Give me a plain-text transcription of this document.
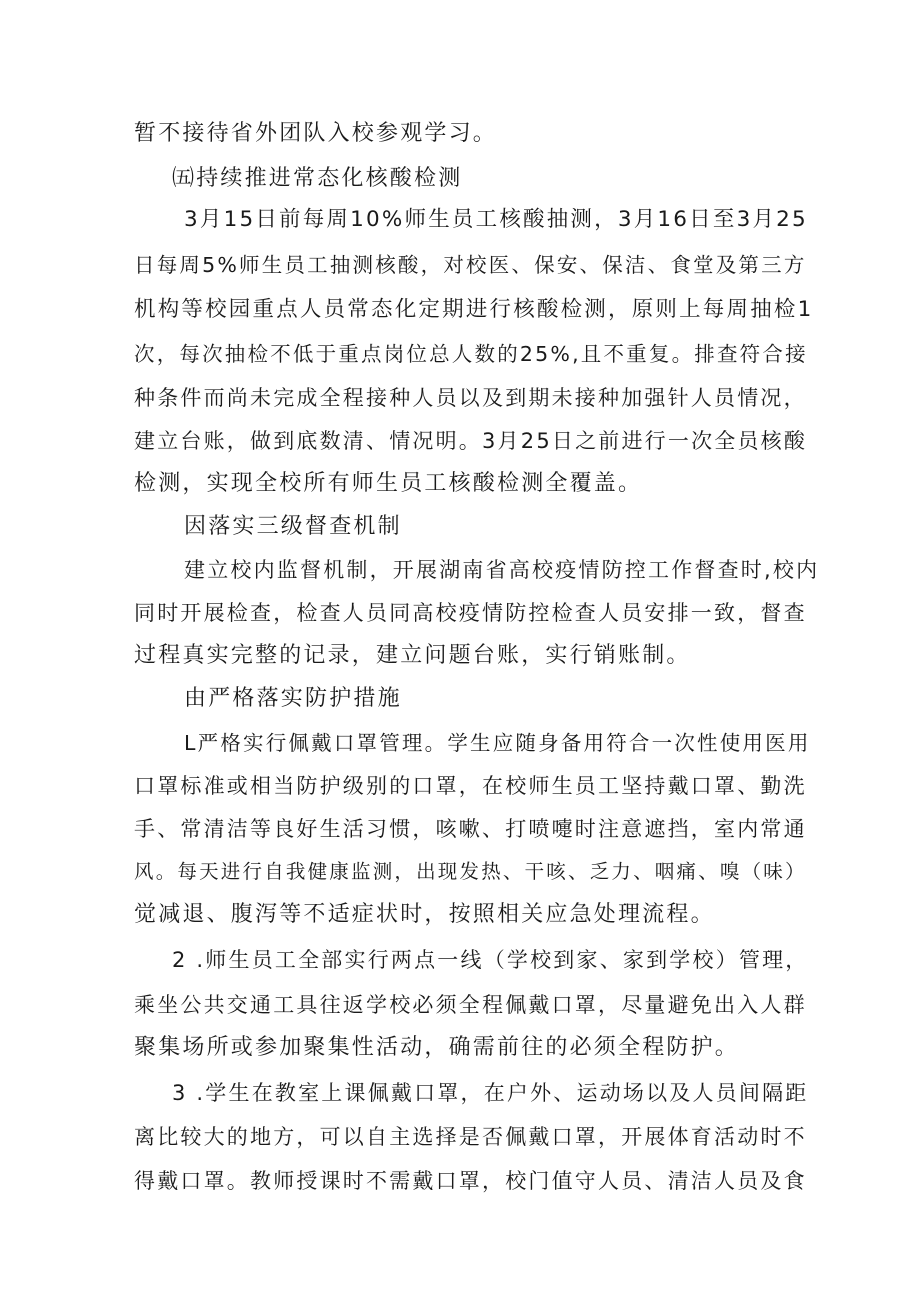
暂不接待省外团队入校参观学习。

㈤持续推进常态化核酸检测

3月15日前每周10%师生员工核酸抽测，3月16日至3月25

日每周5%师生员工抽测核酸，对校医、保安、保洁、食堂及第三方

机构等校园重点人员常态化定期进行核酸检测，原则上每周抽检1

次，每次抽检不低于重点岗位总人数的25%,且不重复。排查符合接

种条件而尚未完成全程接种人员以及到期未接种加强针人员情况，

建立台账，做到底数清、情况明。3月25日之前进行一次全员核酸

检测，实现全校所有师生员工核酸检测全覆盖。

因落实三级督查机制

建立校内监督机制，开展湖南省高校疫情防控工作督查时,校内

同时开展检查，检查人员同高校疫情防控检查人员安排一致，督查

过程真实完整的记录，建立问题台账，实行销账制。

由严格落实防护措施

L严格实行佩戴口罩管理。学生应随身备用符合一次性使用医用

口罩标准或相当防护级别的口罩，在校师生员工坚持戴口罩、勤洗

手、常清洁等良好生活习惯，咳嗽、打喷嚏时注意遮挡，室内常通

风。每天进行自我健康监测，出现发热、干咳、乏力、咽痛、嗅（味）

觉减退、腹泻等不适症状时，按照相关应急处理流程。

2 .师生员工全部实行两点一线（学校到家、家到学校）管理，

乘坐公共交通工具往返学校必须全程佩戴口罩，尽量避免出入人群

聚集场所或参加聚集性活动，确需前往的必须全程防护。

3 .学生在教室上课佩戴口罩，在户外、运动场以及人员间隔距

离比较大的地方，可以自主选择是否佩戴口罩，开展体育活动时不

得戴口罩。教师授课时不需戴口罩，校门值守人员、清洁人员及食
